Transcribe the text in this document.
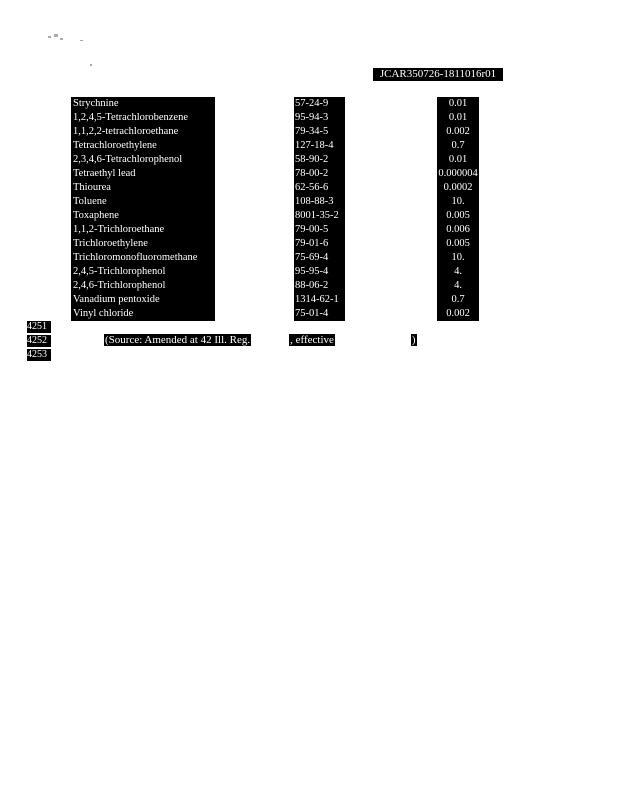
JCAR350726-1811016r01
Strychnine	57-24-9	0.01
1,2,4,5-Tetrachlorobenzene	95-94-3	0.01
1,1,2,2-tetrachloroethane	79-34-5	0.002
Tetrachloroethylene	127-18-4	0.7
2,3,4,6-Tetrachlorophenol	58-90-2	0.01
Tetraethyl lead	78-00-2	0.000004
Thiourea	62-56-6	0.0002
Toluene	108-88-3	10.
Toxaphene	8001-35-2	0.005
1,1,2-Trichloroethane	79-00-5	0.006
Trichloroethylene	79-01-6	0.005
Trichloromonofluoromethane	75-69-4	10.
2,4,5-Trichlorophenol	95-95-4	4.
2,4,6-Trichlorophenol	88-06-2	4.
Vanadium pentoxide	1314-62-1	0.7
Vinyl chloride	75-01-4	0.002
4251
4252
4253
(Source: Amended at 42 Ill. Reg.	, effective	)
